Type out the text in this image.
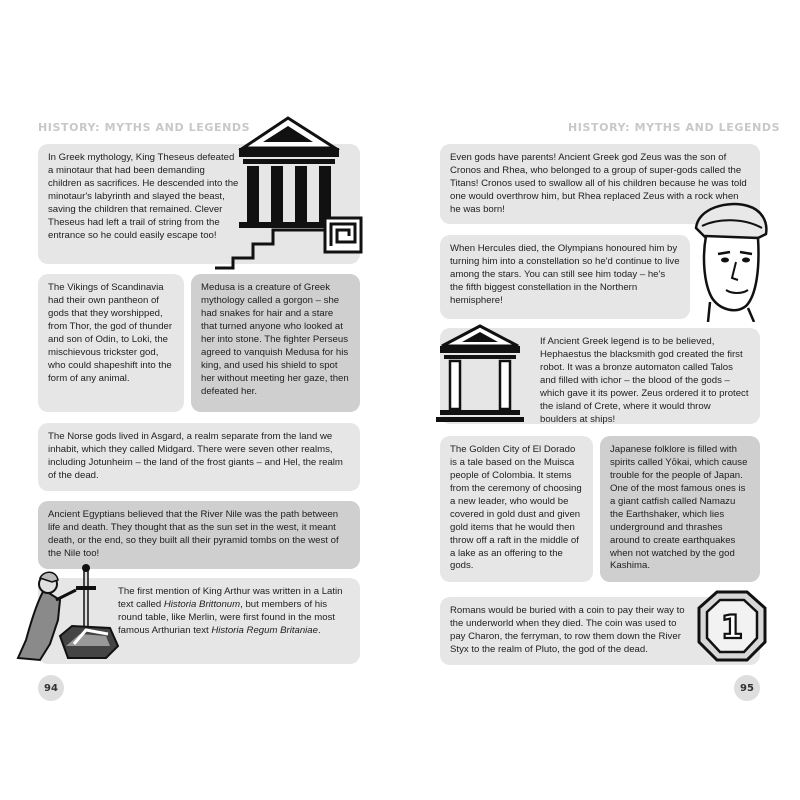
HISTORY: MYTHS AND LEGENDS

In Greek mythology, King Theseus defeated a minotaur that had been demanding children as sacrifices. He descended into the minotaur's labyrinth and slayed the beast, saving the children that remained. Clever Theseus had left a trail of string from the entrance so he could easily escape too!

The Vikings of Scandinavia had their own pantheon of gods that they worshipped, from Thor, the god of thunder and son of Odin, to Loki, the mischievous trickster god, who could shapeshift into the form of any animal.

Medusa is a creature of Greek mythology called a gorgon – she had snakes for hair and a stare that turned anyone who looked at her into stone. The fighter Perseus agreed to vanquish Medusa for his king, and used his shield to spot her without meeting her gaze, then defeated her.

The Norse gods lived in Asgard, a realm separate from the land we inhabit, which they called Midgard. There were seven other realms, including Jotunheim – the land of the frost giants – and Hel, the realm of the dead.

Ancient Egyptians believed that the River Nile was the path between life and death. They thought that as the sun set in the west, it meant death, or the end, so they built all their pyramid tombs on the west of the Nile too!

The first mention of King Arthur was written in a Latin text called Historia Brittonum, but members of his round table, like Merlin, were first found in the most famous Arthurian text Historia Regum Britaniae.

94
HISTORY: MYTHS AND LEGENDS

Even gods have parents! Ancient Greek god Zeus was the son of Cronos and Rhea, who belonged to a group of super-gods called the Titans! Cronos used to swallow all of his children because he was told one would overthrow him, but Rhea replaced Zeus with a rock when he was born!

When Hercules died, the Olympians honoured him by turning him into a constellation so he'd continue to live among the stars. You can still see him today – he's the fifth biggest constellation in the Northern hemisphere!

If Ancient Greek legend is to be believed, Hephaestus the blacksmith god created the first robot. It was a bronze automaton called Talos and filled with ichor – the blood of the gods – which gave it its power. Zeus ordered it to protect the island of Crete, where it would throw boulders at ships!

The Golden City of El Dorado is a tale based on the Muisca people of Colombia. It stems from the ceremony of choosing a new leader, who would be covered in gold dust and given gold items that he would then throw off a raft in the middle of a lake as an offering to the gods.

Japanese folklore is filled with spirits called Yōkai, which cause trouble for the people of Japan. One of the most famous ones is a giant catfish called Namazu the Earthshaker, which lies underground and thrashes around to create earthquakes when not watched by the god Kashima.

Romans would be buried with a coin to pay their way to the underworld when they died. The coin was used to pay Charon, the ferryman, to row them down the River Styx to the realm of Pluto, the god of the dead.

1
95
